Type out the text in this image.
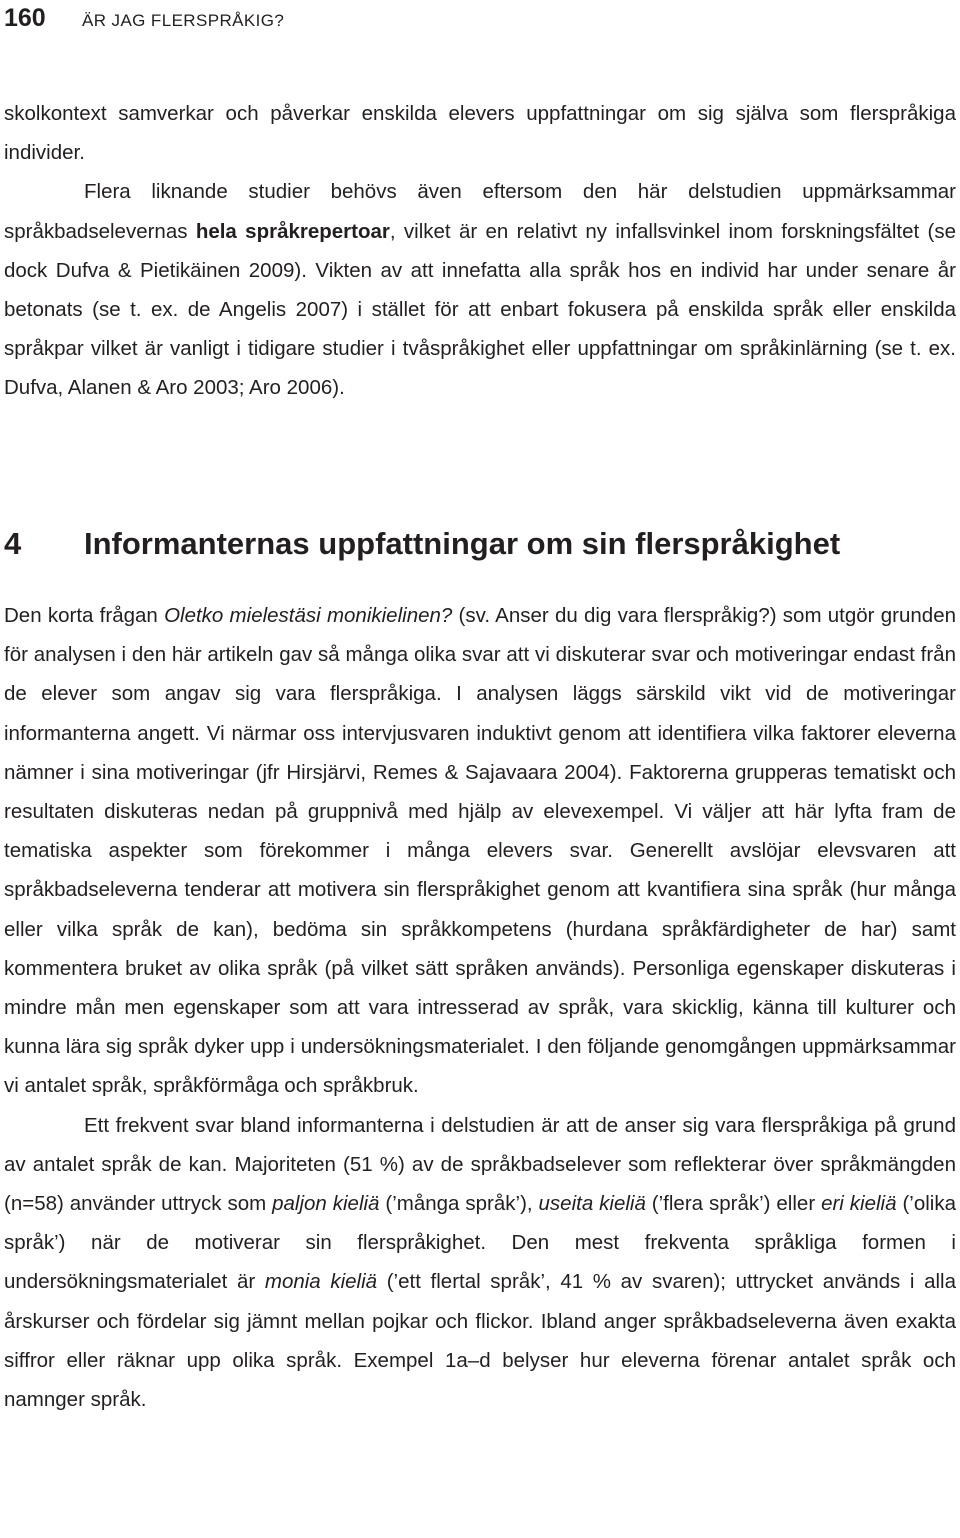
160	ÄR JAG FLERSPRÅKIG?

skolkontext samverkar och påverkar enskilda elevers uppfattningar om sig själva som flerspråkiga individer.

Flera liknande studier behövs även eftersom den här delstudien uppmärksammar språkbadselevernas hela språkrepertoar, vilket är en relativt ny infallsvinkel inom forskningsfältet (se dock Dufva & Pietikäinen 2009). Vikten av att innefatta alla språk hos en individ har under senare år betonats (se t. ex. de Angelis 2007) i stället för att enbart fokusera på enskilda språk eller enskilda språkpar vilket är vanligt i tidigare studier i tvåspråkighet eller uppfattningar om språkinlärning (se t. ex. Dufva, Alanen & Aro 2003; Aro 2006).

4	Informanternas uppfattningar om sin flerspråkighet

Den korta frågan Oletko mielestäsi monikielinen? (sv. Anser du dig vara flerspråkig?) som utgör grunden för analysen i den här artikeln gav så många olika svar att vi diskuterar svar och motiveringar endast från de elever som angav sig vara flerspråkiga. I analysen läggs särskild vikt vid de motiveringar informanterna angett. Vi närmar oss intervjusvaren induktivt genom att identifiera vilka faktorer eleverna nämner i sina motiveringar (jfr Hirsjärvi, Remes & Sajavaara 2004). Faktorerna grupperas tematiskt och resultaten diskuteras nedan på gruppnivå med hjälp av elevexempel. Vi väljer att här lyfta fram de tematiska aspekter som förekommer i många elevers svar. Generellt avslöjar elevsvaren att språkbadseleverna tenderar att motivera sin flerspråkighet genom att kvantifiera sina språk (hur många eller vilka språk de kan), bedöma sin språkkompetens (hurdana språkfärdigheter de har) samt kommentera bruket av olika språk (på vilket sätt språken används). Personliga egenskaper diskuteras i mindre mån men egenskaper som att vara intresserad av språk, vara skicklig, känna till kulturer och kunna lära sig språk dyker upp i undersökningsmaterialet. I den följande genomgången uppmärksammar vi antalet språk, språkförmåga och språkbruk.

Ett frekvent svar bland informanterna i delstudien är att de anser sig vara flerspråkiga på grund av antalet språk de kan. Majoriteten (51 %) av de språkbadselever som reflekterar över språkmängden (n=58) använder uttryck som paljon kieliä (’många språk’), useita kieliä (’flera språk’) eller eri kieliä (’olika språk’) när de motiverar sin flerspråkighet. Den mest frekventa språkliga formen i undersökningsmaterialet är monia kieliä (’ett flertal språk’, 41 % av svaren); uttrycket används i alla årskurser och fördelar sig jämnt mellan pojkar och flickor. Ibland anger språkbadseleverna även exakta siffror eller räknar upp olika språk. Exempel 1a–d belyser hur eleverna förenar antalet språk och namnger språk.
